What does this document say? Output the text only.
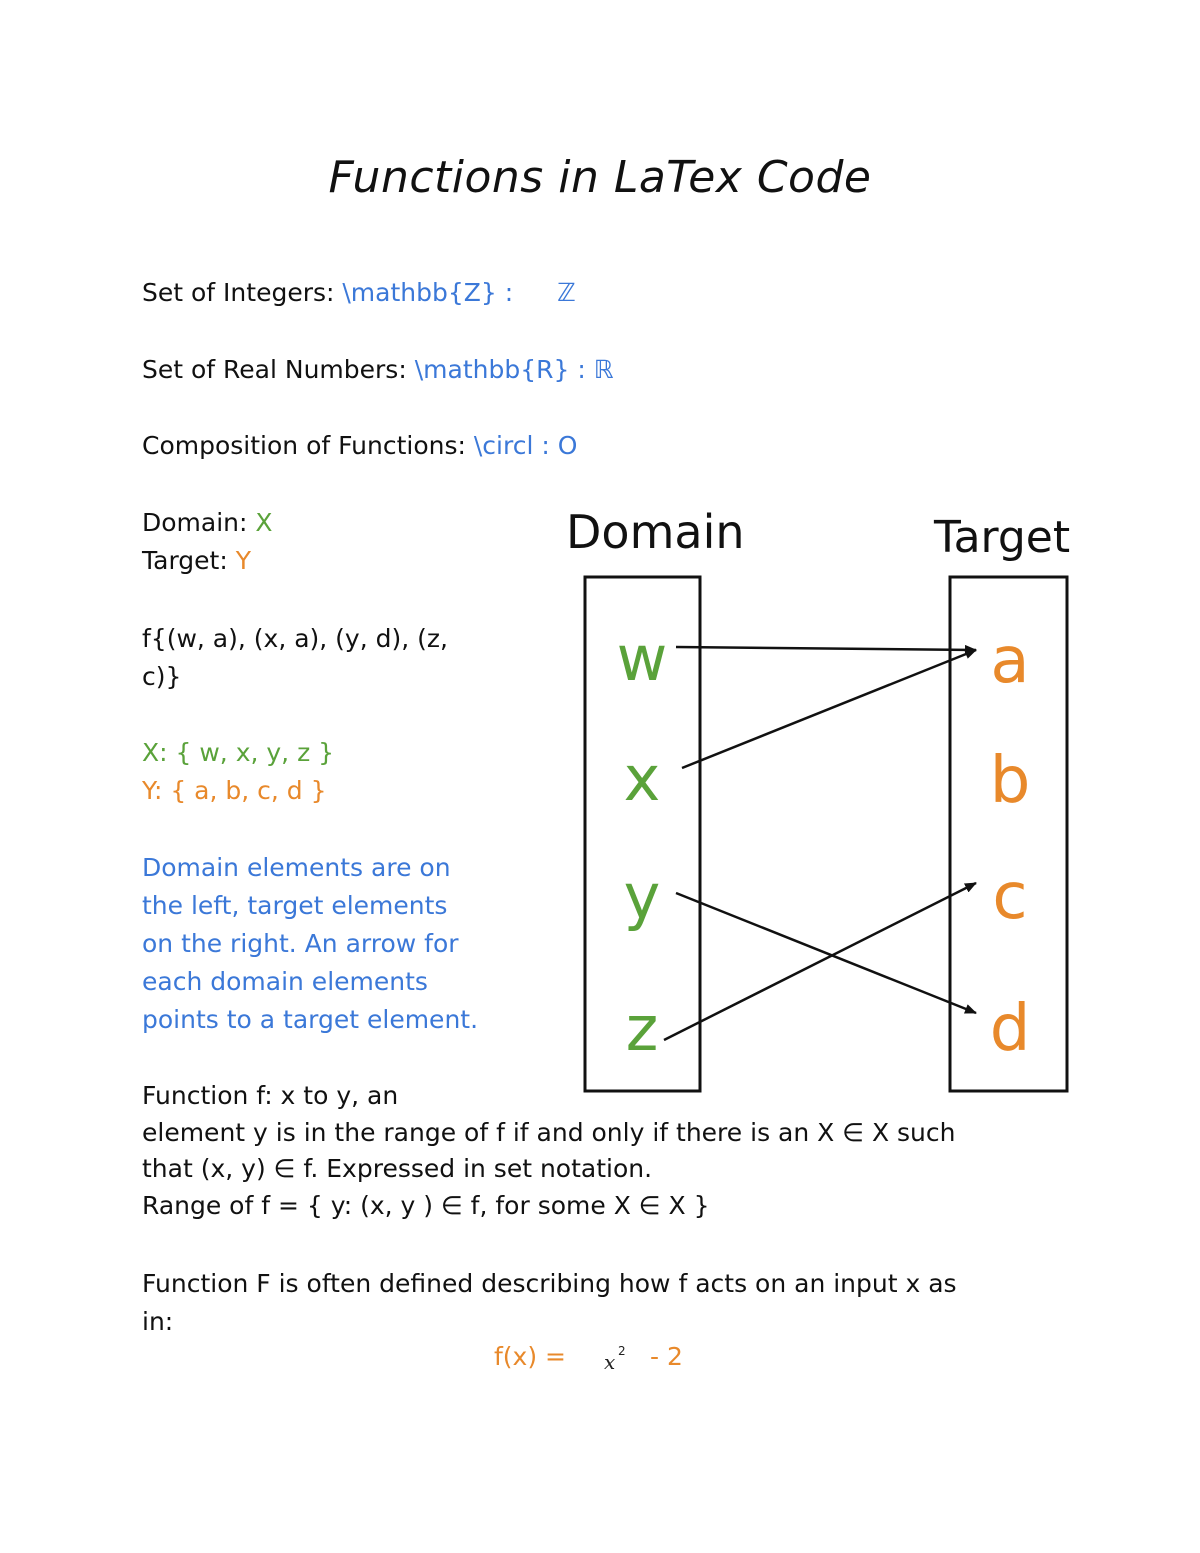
Functions in LaTex Code
Set of Integers: \mathbb{Z} : ℤ
Set of Real Numbers: \mathbb{R} : ℝ
Composition of Functions: \circl : O
Domain: X
Target: Y
f{(w, a), (x, a), (y, d), (z,
c)}
X: { w, x, y, z }
Y: { a, b, c, d }
Domain elements are on
the left, target elements
on the right. An arrow for
each domain elements
points to a target element.
Function f: x to y, an
element y is in the range of f if and only if there is an X ∈ X such
that (x, y) ∈ f. Expressed in set notation.
Range of f = { y: (x, y ) ∈ f, for some X ∈ X }
Function F is often defined describing how f acts on an input x as
in:
f(x) = x 2 - 2
Domain	Target
w
x
y
z
a
b
c
d
